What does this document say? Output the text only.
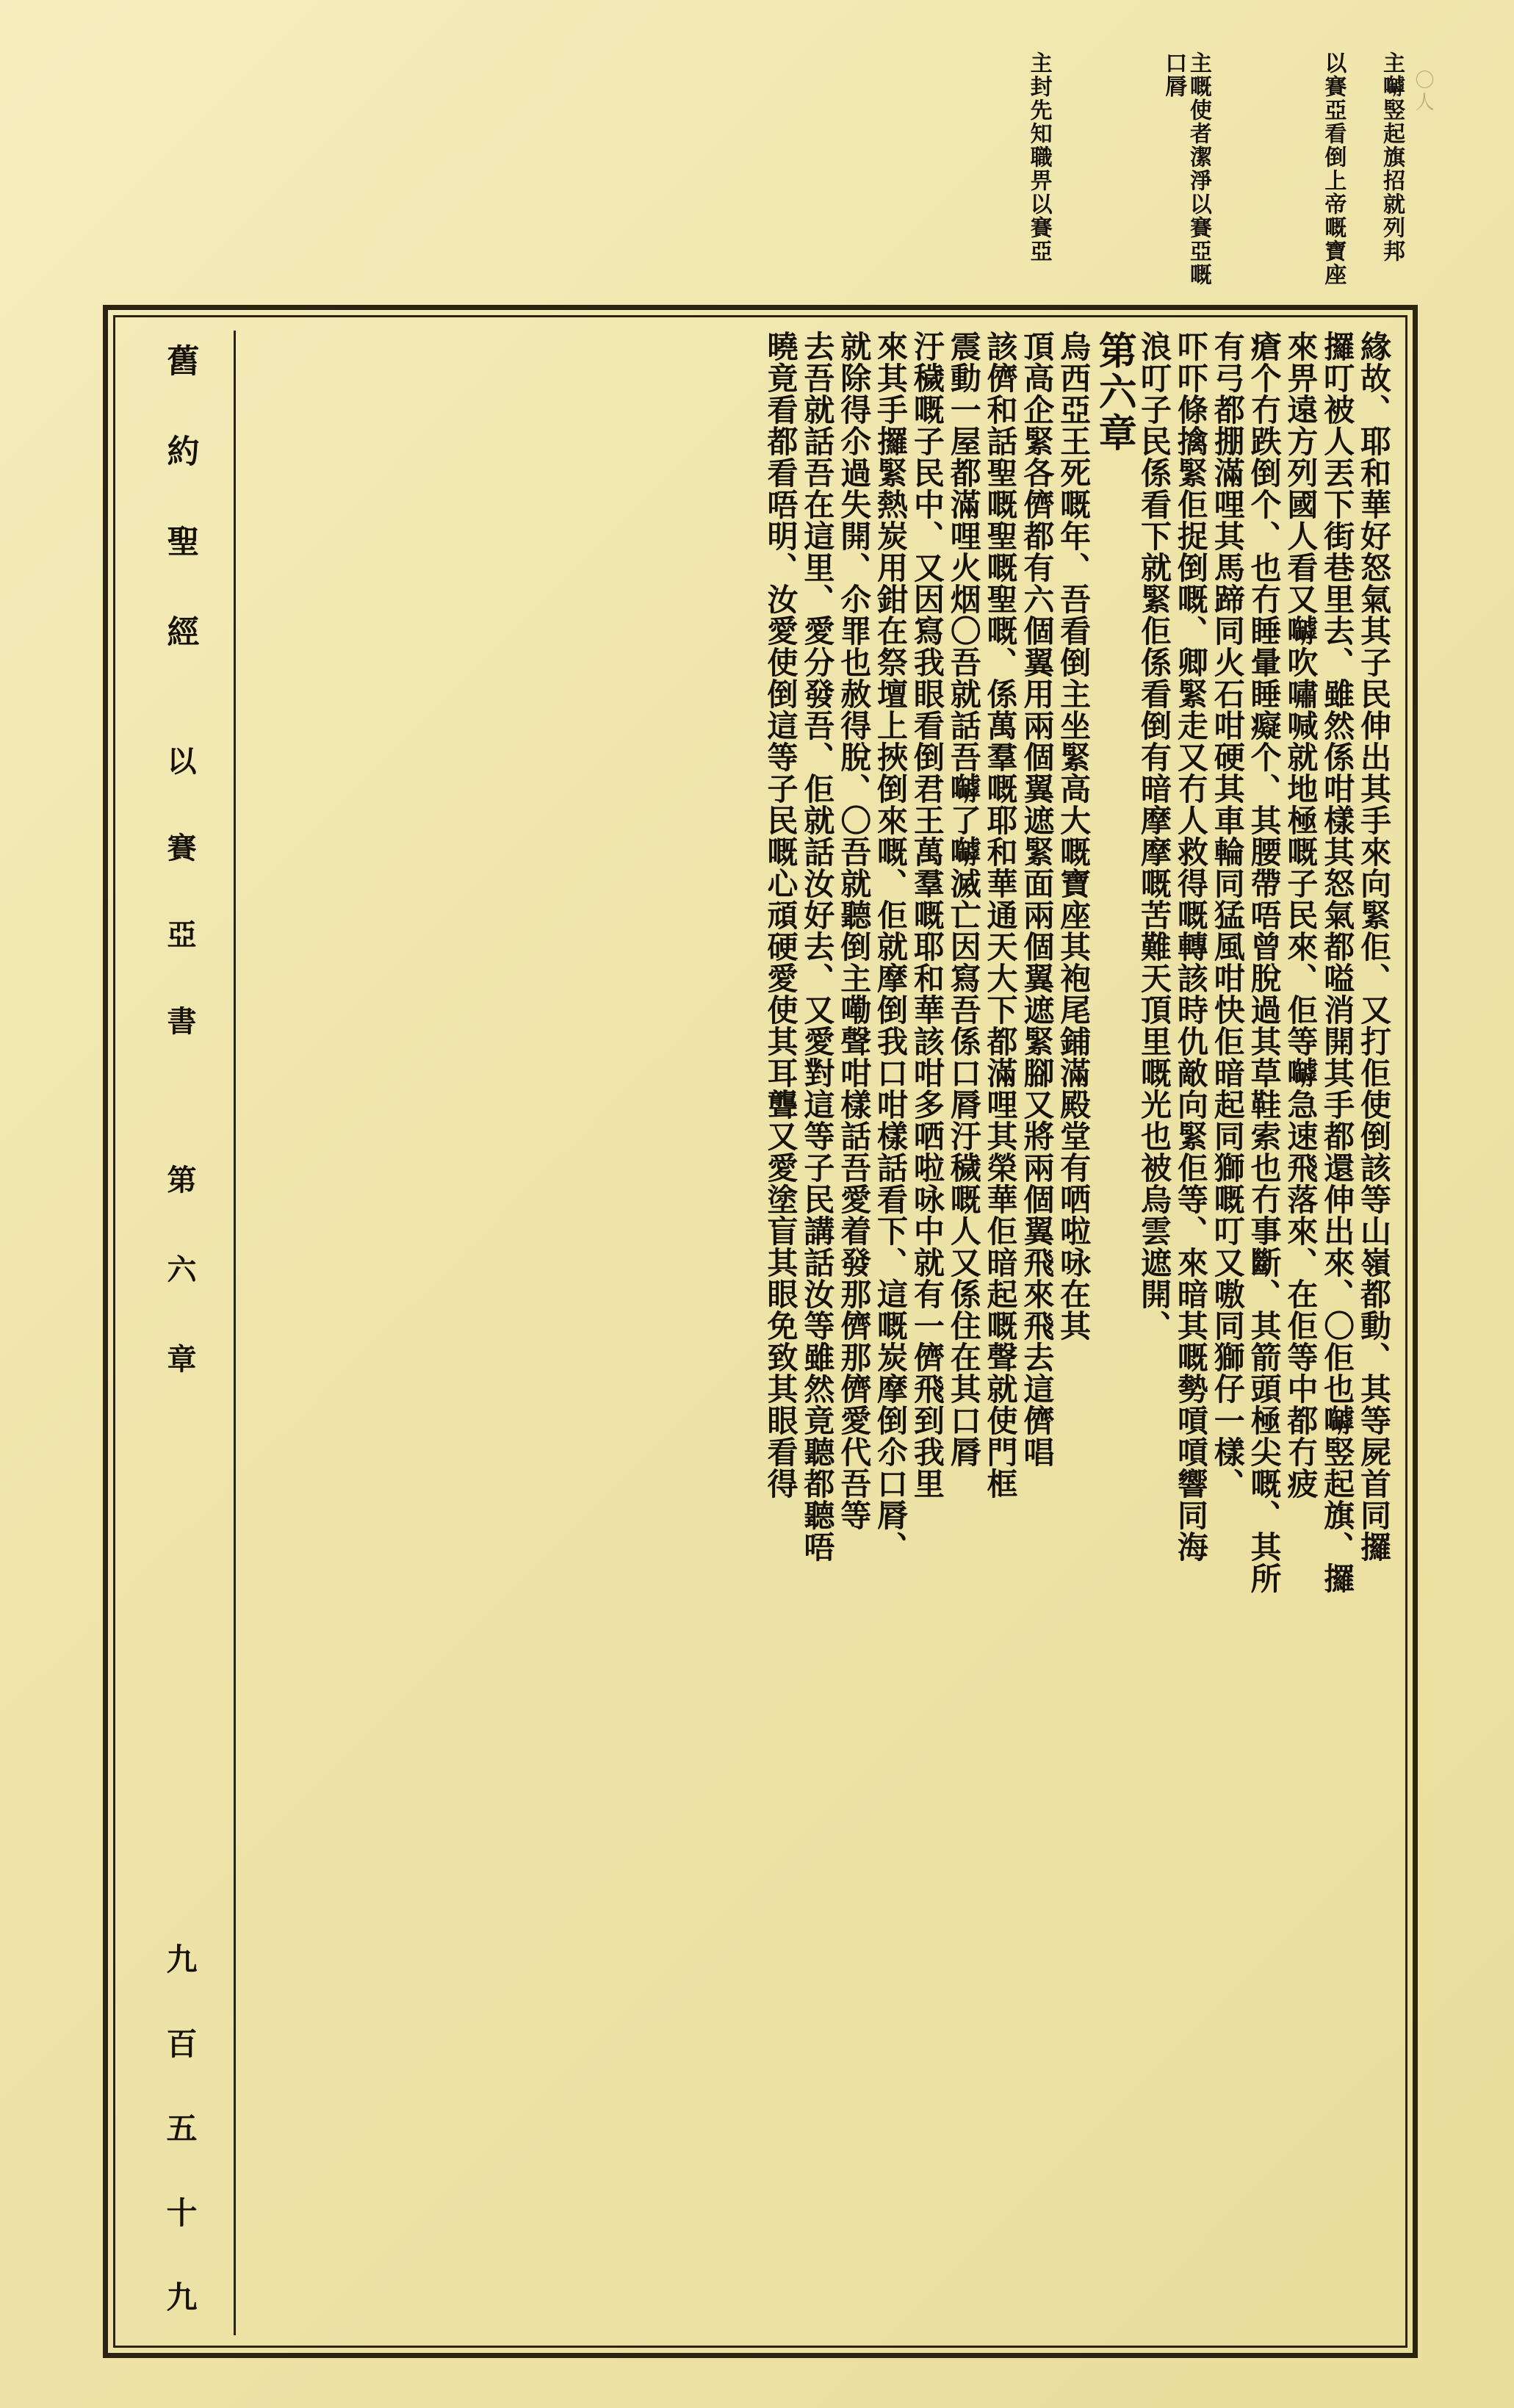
〇人
主嚹竪起旗招就列邦
以賽亞看倒上帝嘅寶座
主嘅使者潔淨以賽亞嘅口脣
主封先知職畀以賽亞
緣故、耶和華好怒氣其子民伸出其手來向緊佢、又打佢使倒該等山嶺都動、其等屍首同攞
攞叮被人丟下街巷里去、雖然係咁樣其怒氣都嗌消開其手都還伸出來、〇佢也嚹竪起旗、攞
來畀遠方列國人看又嚹吹嘯喊就地極嘅子民來、佢等嚹急速飛落來、在佢等中都冇疲
瘡个冇跌倒个、也冇睡暈睡癡个、其腰帶唔曾脫過其草鞋索也冇事斷、其箭頭極尖嘅、其所
有弓都掤滿哩其馬蹄同火石咁硬其車輪同猛風咁快佢暗起同獅嘅叮又嗷同獅仔一樣、
吓吓條擒緊佢捉倒嘅、卿緊走又冇人救得嘅轉該時仇敵向緊佢等、來暗其嘅勢嗊嗊響同海
浪叮子民係看下就緊佢係看倒有暗摩摩嘅苦難天頂里嘅光也被烏雲遮開、
第六章
烏西亞王死嘅年、吾看倒主坐緊高大嘅寶座其袍尾鋪滿殿堂有哂啦咏在其
頂高企緊各儕都有六個翼用兩個翼遮緊面兩個翼遮緊腳又將兩個翼飛來飛去這儕唱
該儕和話聖嘅聖嘅聖嘅、係萬羣嘅耶和華通天大下都滿哩其榮華佢暗起嘅聲就使門框
震動一屋都滿哩火烟〇吾就話吾嚹了嚹滅亡因寫吾係口脣汙穢嘅人又係住在其口脣
汙穢嘅子民中、又因寫我眼看倒君王萬羣嘅耶和華該咁多哂啦咏中就有一儕飛到我里
來其手攞緊熱炭用鉗在祭壇上挾倒來嘅、佢就摩倒我口咁樣話看下、這嘅炭摩倒尒口脣、
就除得尒過失開、尒罪也赦得脫、〇吾就聽倒主嘞聲咁樣話吾愛着發那儕那儕愛代吾等
去吾就話吾在這里、愛分發吾、佢就話汝好去、又愛對這等子民講話汝等雖然竟聽都聽唔
曉竟看都看唔明、汝愛使倒這等子民嘅心頑硬愛使其耳聾又愛塗盲其眼免致其眼看得
舊 約 聖 經
以 賽 亞 書
第 六 章
九 百 五 十 九
